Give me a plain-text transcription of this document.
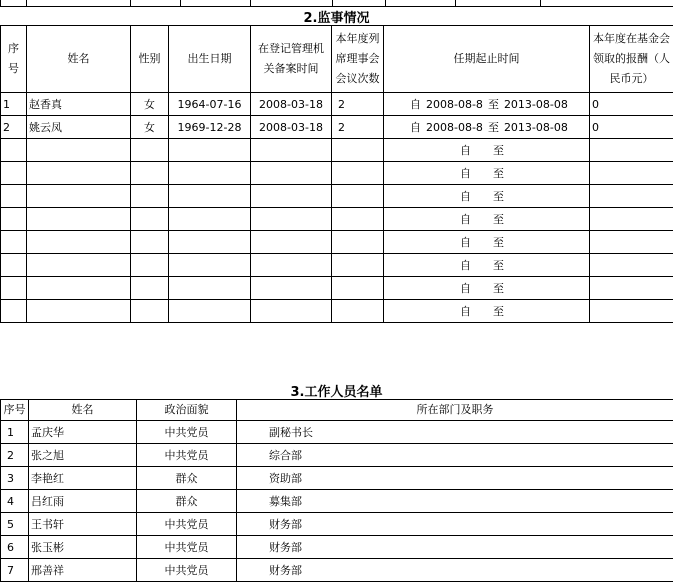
2.监事情况
序号	姓名	性别	出生日期	在登记管理机关备案时间	本年度列席理事会会议次数	任期起止时间	本年度在基金会领取的报酬（人民币元）
1	赵香真	女	1964-07-16	2008-03-18	2	自 2008-08-8 至 2013-08-08	0
2	姚云凤	女	1969-12-28	2008-03-18	2	自 2008-08-8 至 2013-08-08	0
						自 至	
						自 至	
						自 至	
						自 至	
						自 至	
						自 至	
						自 至	
						自 至	
3.工作人员名单
序号	姓名	政治面貌	所在部门及职务
1	孟庆华	中共党员	副秘书长
2	张之旭	中共党员	综合部
3	李艳红	群众	资助部
4	吕红雨	群众	募集部
5	王书轩	中共党员	财务部
6	张玉彬	中共党员	财务部
7	邢善祥	中共党员	财务部
